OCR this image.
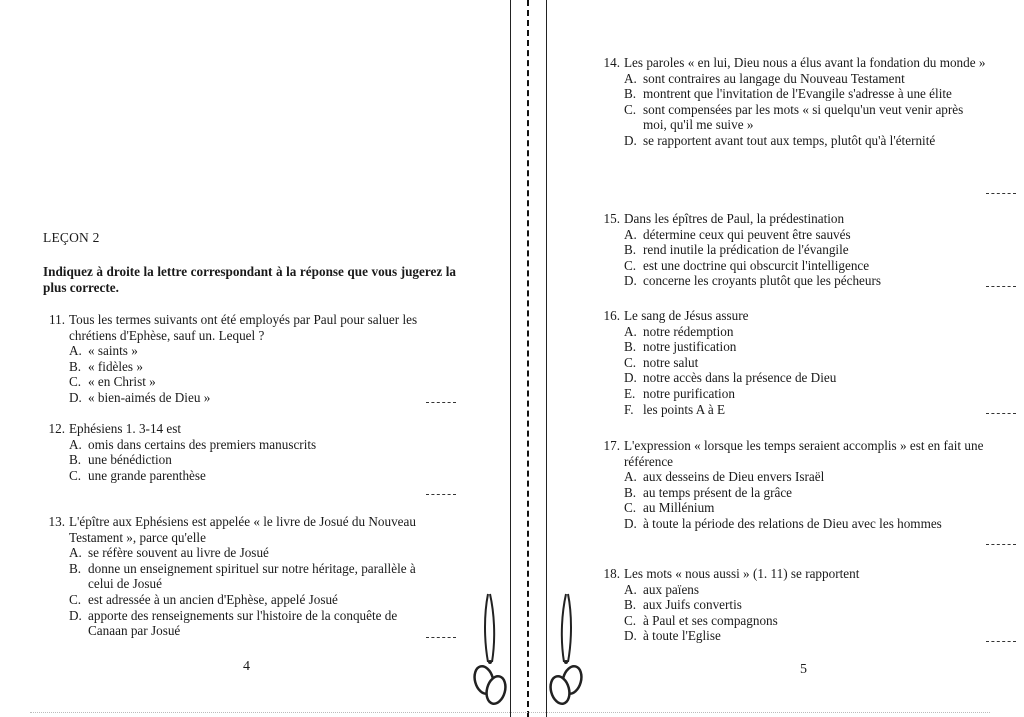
LEÇON 2
Indiquez à droite la lettre correspondant à la réponse que vous jugerez la plus correcte.
11. Tous les termes suivants ont été employés par Paul pour saluer les chrétiens d'Ephèse, sauf un. Lequel ?
A. « saints »
B. « fidèles »
C. « en Christ »
D. « bien-aimés de Dieu »
12. Ephésiens 1. 3-14 est
A. omis dans certains des premiers manuscrits
B. une bénédiction
C. une grande parenthèse
13. L'épître aux Ephésiens est appelée « le livre de Josué du Nouveau Testament », parce qu'elle
A. se réfère souvent au livre de Josué
B. donne un enseignement spirituel sur notre héritage, parallèle à celui de Josué
C. est adressée à un ancien d'Ephèse, appelé Josué
D. apporte des renseignements sur l'histoire de la conquête de Canaan par Josué
4
14. Les paroles « en lui, Dieu nous a élus avant la fondation du monde »
A. sont contraires au langage du Nouveau Testament
B. montrent que l'invitation de l'Evangile s'adresse à une élite
C. sont compensées par les mots « si quelqu'un veut venir après moi, qu'il me suive »
D. se rapportent avant tout aux temps, plutôt qu'à l'éternité
15. Dans les épîtres de Paul, la prédestination
A. détermine ceux qui peuvent être sauvés
B. rend inutile la prédication de l'évangile
C. est une doctrine qui obscurcit l'intelligence
D. concerne les croyants plutôt que les pécheurs
16. Le sang de Jésus assure
A. notre rédemption
B. notre justification
C. notre salut
D. notre accès dans la présence de Dieu
E. notre purification
F. les points A à E
17. L'expression « lorsque les temps seraient accomplis » est en fait une référence
A. aux desseins de Dieu envers Israël
B. au temps présent de la grâce
C. au Millénium
D. à toute la période des relations de Dieu avec les hommes
18. Les mots « nous aussi » (1. 11) se rapportent
A. aux païens
B. aux Juifs convertis
C. à Paul et ses compagnons
D. à toute l'Eglise
5
